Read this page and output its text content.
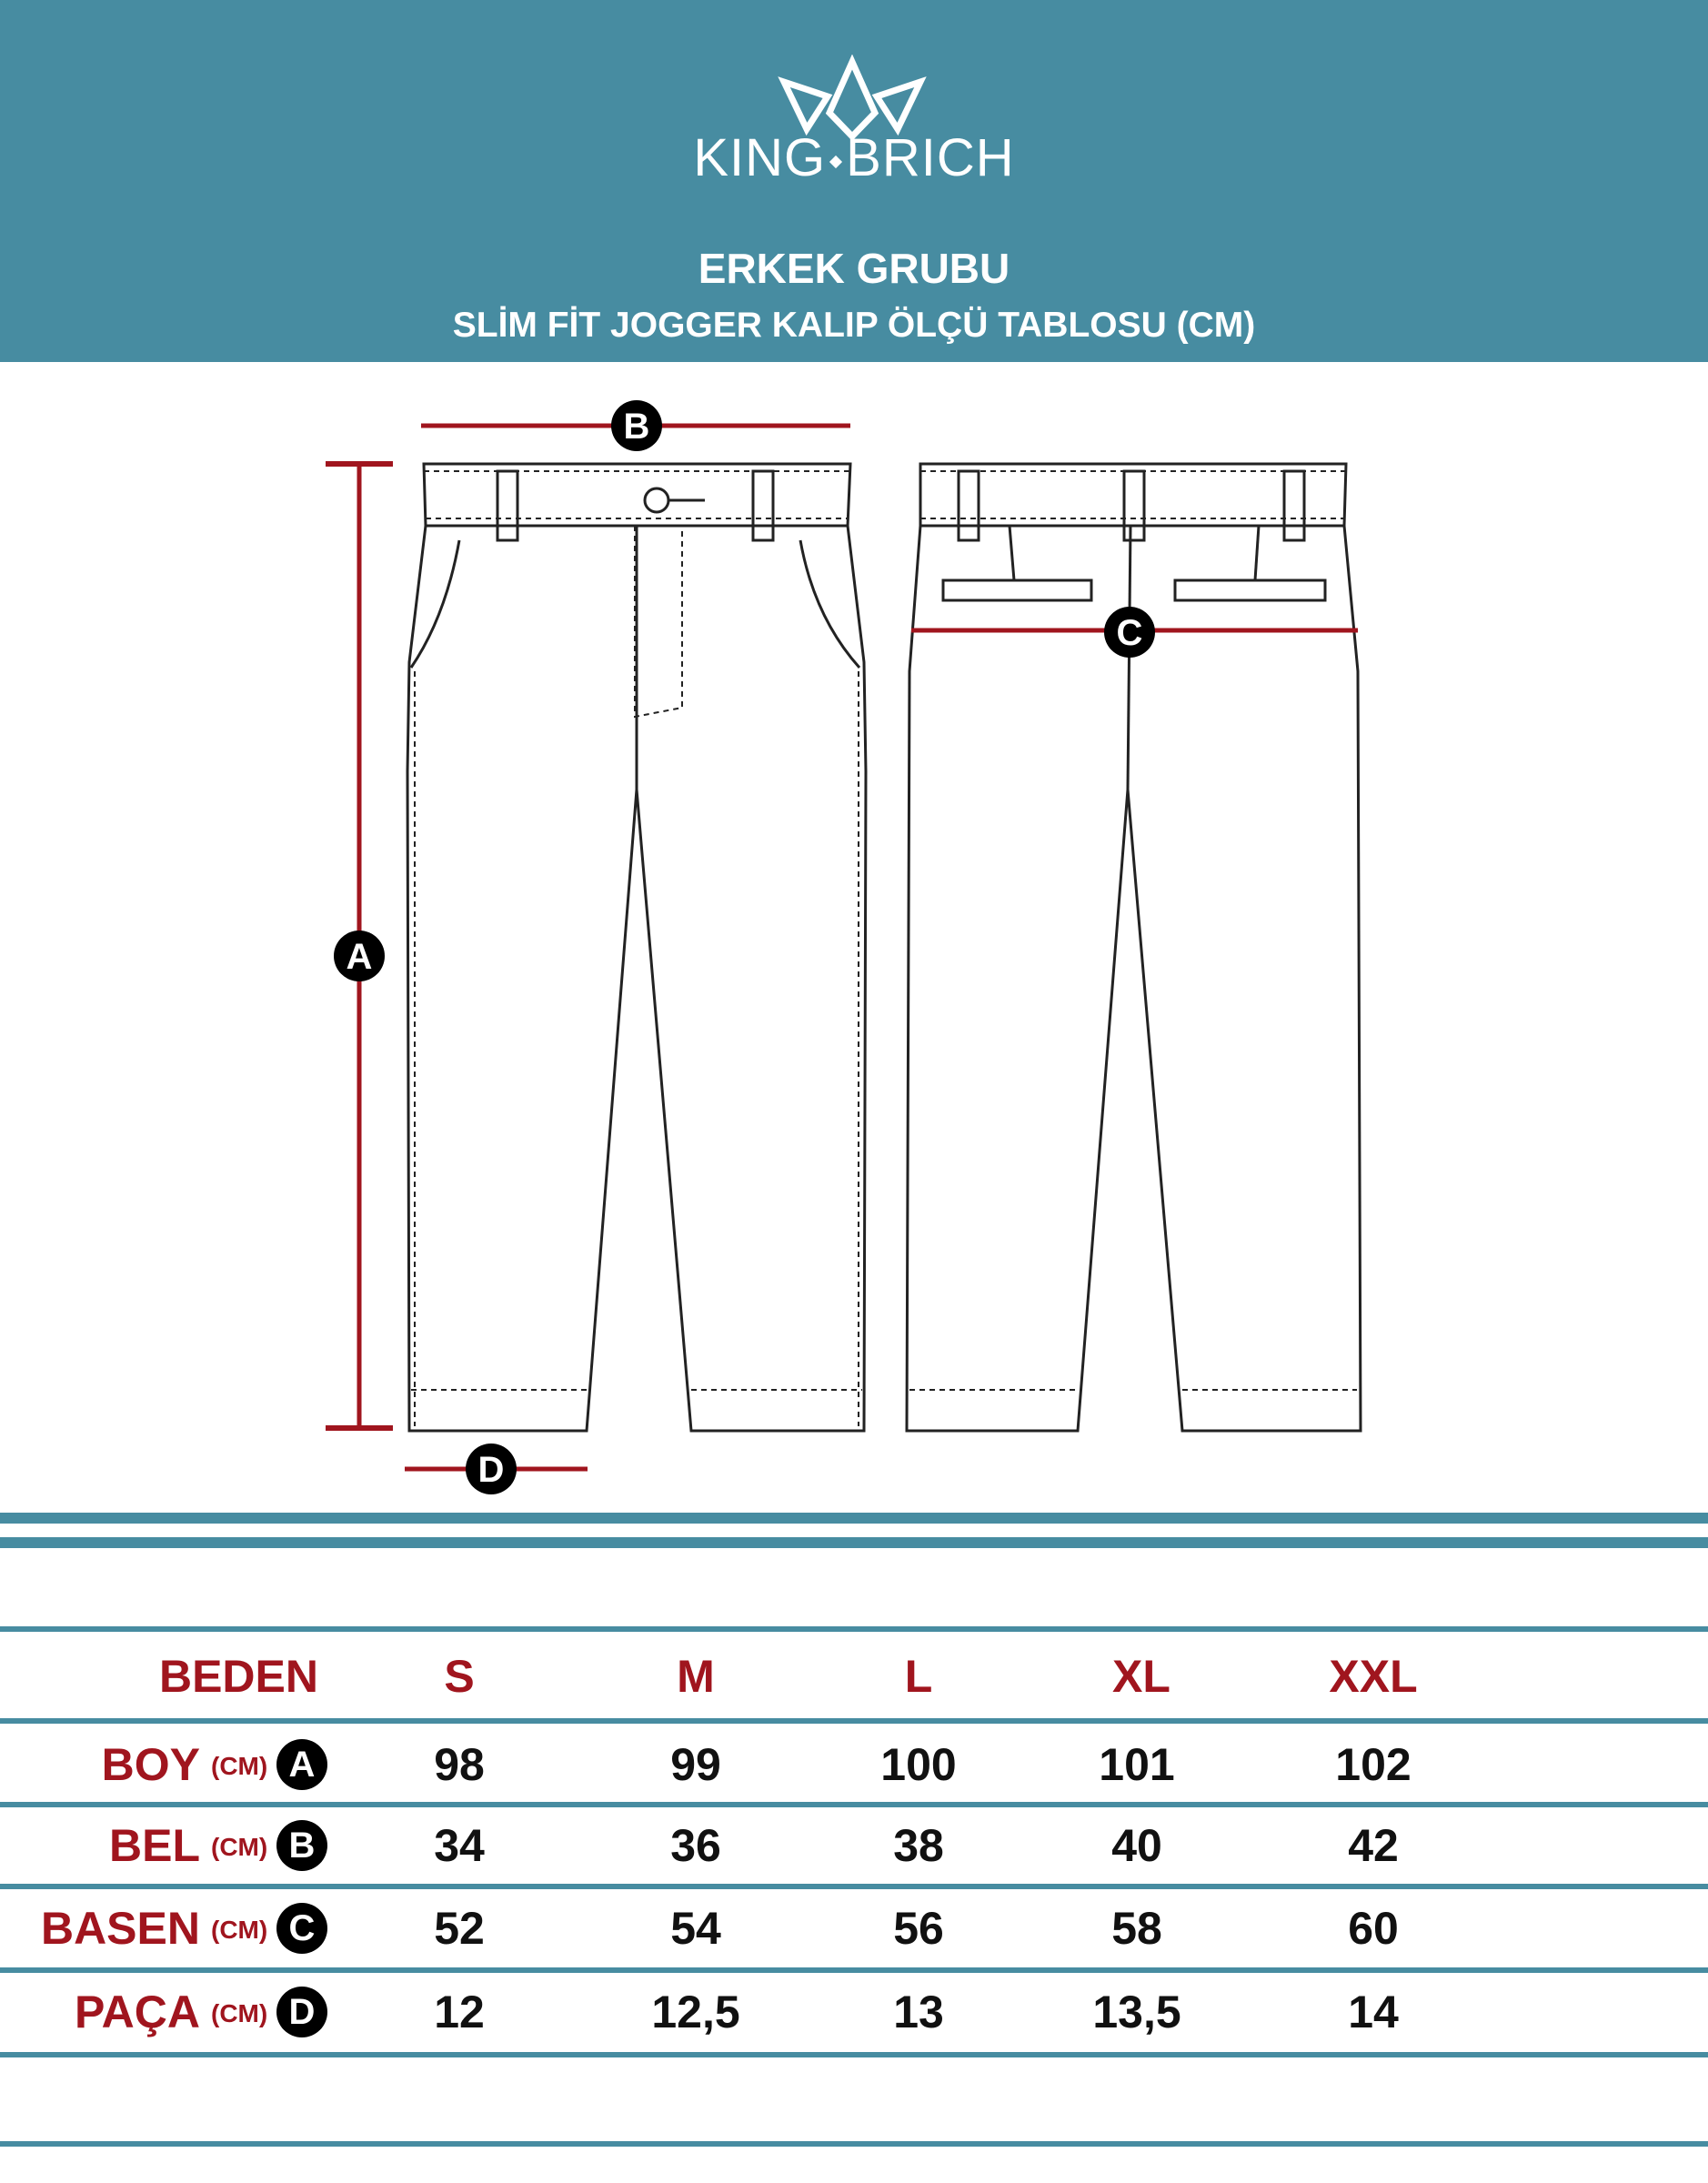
KING BRICH
ERKEK GRUBU
SLİM FİT JOGGER KALIP ÖLÇÜ TABLOSU (CM)
A
B
C
D
BEDEN	S	M	L	XL	XXL
BOY (CM) A	98	99	100	101	102
BEL (CM) B	34	36	38	40	42
BASEN (CM) C	52	54	56	58	60
PAÇA (CM) D	12	12,5	13	13,5	14
